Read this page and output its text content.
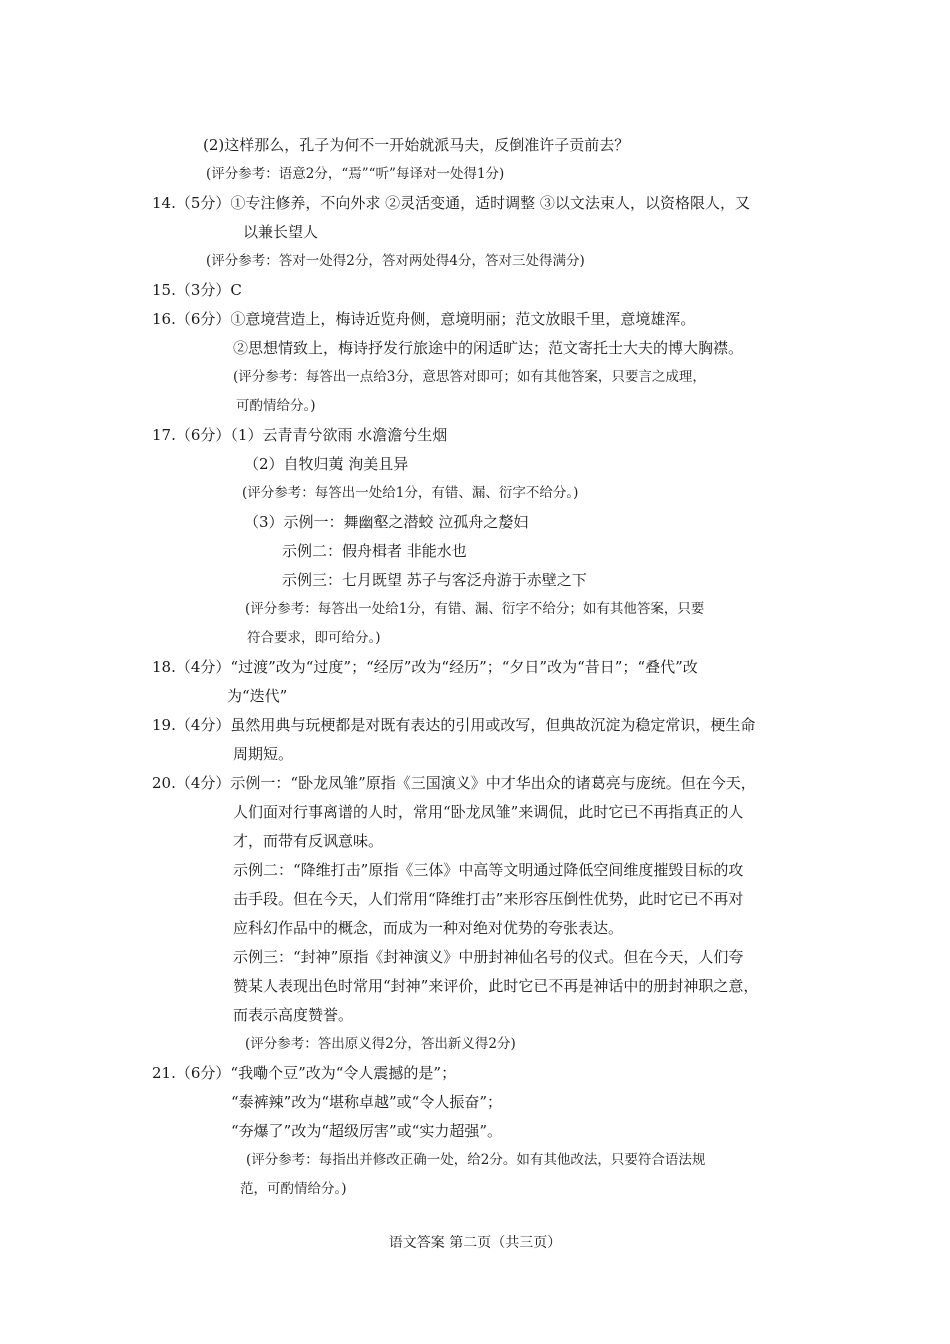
(2)这样那么，孔子为何不一开始就派马夫，反倒准许子贡前去？
(评分参考：语意2分，“焉”“听”每译对一处得1分)
14.（5分）①专注修养，不向外求 ②灵活变通，适时调整 ③以文法束人，以资格限人，又
以兼长望人
(评分参考：答对一处得2分，答对两处得4分，答对三处得满分)
15.（3分）C
16.（6分）①意境营造上，梅诗近览舟侧，意境明丽；范文放眼千里，意境雄浑。
②思想情致上，梅诗抒发行旅途中的闲适旷达；范文寄托士大夫的博大胸襟。
(评分参考：每答出一点给3分，意思答对即可；如有其他答案，只要言之成理，
可酌情给分。)
17.（6分）（1）云青青兮欲雨 水澹澹兮生烟
（2）自牧归荑 洵美且异
(评分参考：每答出一处给1分，有错、漏、衍字不给分。)
（3）示例一：舞幽壑之潜蛟 泣孤舟之嫠妇
示例二：假舟楫者 非能水也
示例三：七月既望 苏子与客泛舟游于赤壁之下
(评分参考：每答出一处给1分，有错、漏、衍字不给分；如有其他答案，只要
符合要求，即可给分。)
18.（4分）“过渡”改为“过度”；“经厉”改为“经历”；“夕日”改为“昔日”；“叠代”改
为“迭代”
19.（4分）虽然用典与玩梗都是对既有表达的引用或改写，但典故沉淀为稳定常识，梗生命
周期短。
20.（4分）示例一：“卧龙凤雏”原指《三国演义》中才华出众的诸葛亮与庞统。但在今天，
人们面对行事离谱的人时，常用“卧龙凤雏”来调侃，此时它已不再指真正的人
才，而带有反讽意味。
示例二：“降维打击”原指《三体》中高等文明通过降低空间维度摧毁目标的攻
击手段。但在今天，人们常用“降维打击”来形容压倒性优势，此时它已不再对
应科幻作品中的概念，而成为一种对绝对优势的夸张表达。
示例三：“封神”原指《封神演义》中册封神仙名号的仪式。但在今天，人们夸
赞某人表现出色时常用“封神”来评价，此时它已不再是神话中的册封神职之意，
而表示高度赞誉。
(评分参考：答出原义得2分，答出新义得2分)
21.（6分）“我嘞个豆”改为“令人震撼的是”；
“泰裤辣”改为“堪称卓越”或“令人振奋”；
“夯爆了”改为“超级厉害”或“实力超强”。
(评分参考：每指出并修改正确一处，给2分。如有其他改法，只要符合语法规
范，可酌情给分。)
语文答案 第二页（共三页）
